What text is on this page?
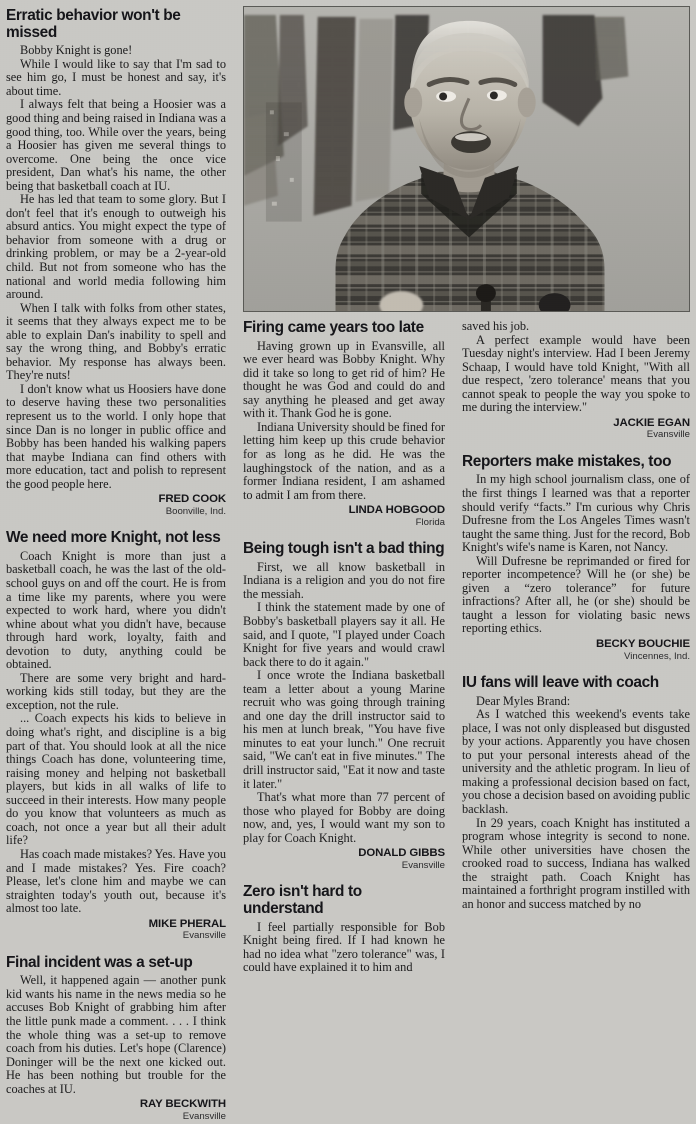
Erratic behavior won't be missed

Bobby Knight is gone!

While I would like to say that I'm sad to see him go, I must be honest and say, it's about time.

I always felt that being a Hoosier was a good thing and being raised in Indiana was a good thing, too. While over the years, being a Hoosier has given me several things to overcome. One being the once vice president, Dan what's his name, the other being that basketball coach at IU.

He has led that team to some glory. But I don't feel that it's enough to outweigh his absurd antics. You might expect the type of behavior from someone with a drug or drinking problem, or may be a 2-year-old child. But not from someone who has the national and world media following him around.

When I talk with folks from other states, it seems that they always expect me to be able to explain Dan's inability to spell and say the wrong thing, and Bobby's erratic behavior. My response has always been. They're nuts!

I don't know what us Hoosiers have done to deserve having these two personalities represent us to the world. I only hope that since Dan is no longer in public office and Bobby has been handed his walking papers that maybe Indiana can find others with more education, tact and polish to represent the good people here.

FRED COOK
Boonville, Ind.
We need more Knight, not less

Coach Knight is more than just a basketball coach, he was the last of the old-school guys on and off the court. He is from a time like my parents, where you were expected to work hard, where you didn't whine about what you didn't have, because through hard work, loyalty, faith and devotion to duty, anything could be obtained.

There are some very bright and hard-working kids still today, but they are the exception, not the rule.

... Coach expects his kids to believe in doing what's right, and discipline is a big part of that. You should look at all the nice things Coach has done, volunteering time, raising money and helping not basketball players, but kids in all walks of life to succeed in their interests. How many people do you know that volunteers as much as coach, not once a year but all their adult life?

Has coach made mistakes? Yes. Have you and I made mistakes? Yes. Fire coach? Please, let's clone him and maybe we can straighten today's youth out, because it's almost too late.

MIKE PHERAL
Evansville
Final incident was a set-up

Well, it happened again — another punk kid wants his name in the news media so he accuses Bob Knight of grabbing him after the little punk made a comment. . . . I think the whole thing was a set-up to remove coach from his duties. Let's hope (Clarence) Doninger will be the next one kicked out. He has been nothing but trouble for the coaches at IU.

RAY BECKWITH
Evansville
Firing came years too late

Having grown up in Evansville, all we ever heard was Bobby Knight. Why did it take so long to get rid of him? He thought he was God and could do and say anything he pleased and get away with it. Thank God he is gone.

Indiana University should be fined for letting him keep up this crude behavior for as long as he did. He was the laughingstock of the nation, and as a former Indiana resident, I am ashamed to admit I am from there.

LINDA HOBGOOD
Florida
Being tough isn't a bad thing

First, we all know basketball in Indiana is a religion and you do not fire the messiah.

I think the statement made by one of Bobby's basketball players say it all. He said, and I quote, "I played under Coach Knight for five years and would crawl back there to do it again."

I once wrote the Indiana basketball team a letter about a young Marine recruit who was going through training and one day the drill instructor said to his men at lunch break, "You have five minutes to eat your lunch." One recruit said, "We can't eat in five minutes." The drill instructor said, "Eat it now and taste it later."

That's what more than 77 percent of those who played for Bobby are doing now, and, yes, I would want my son to play for Coach Knight.

DONALD GIBBS
Evansville
Zero isn't hard to understand

I feel partially responsible for Bob Knight being fired. If I had known he had no idea what "zero tolerance" was, I could have explained it to him and

saved his job.

A perfect example would have been Tuesday night's interview. Had I been Jeremy Schaap, I would have told Knight, "With all due respect, 'zero tolerance' means that you cannot speak to people the way you spoke to me during the interview."

JACKIE EGAN
Evansville
Reporters make mistakes, too

In my high school journalism class, one of the first things I learned was that a reporter should verify “facts.” I'm curious why Chris Dufresne from the Los Angeles Times wasn't taught the same thing. Just for the record, Bob Knight's wife's name is Karen, not Nancy.

Will Dufresne be reprimanded or fired for reporter incompetence? Will he (or she) be given a “zero tolerance” for future infractions? After all, he (or she) should be taught a lesson for violating basic news reporting ethics.

BECKY BOUCHIE
Vincennes, Ind.
IU fans will leave with coach

Dear Myles Brand:

As I watched this weekend's events take place, I was not only displeased but disgusted by your actions. Apparently you have chosen to put your personal interests ahead of the university and the athletic program. In lieu of making a professional decision based on fact, you chose a decision based on avoiding public backlash.

In 29 years, coach Knight has instituted a program whose integrity is second to none. While other universities have chosen the crooked road to success, Indiana has walked the straight path. Coach Knight has maintained a forthright program instilled with an honor and success matched by no
